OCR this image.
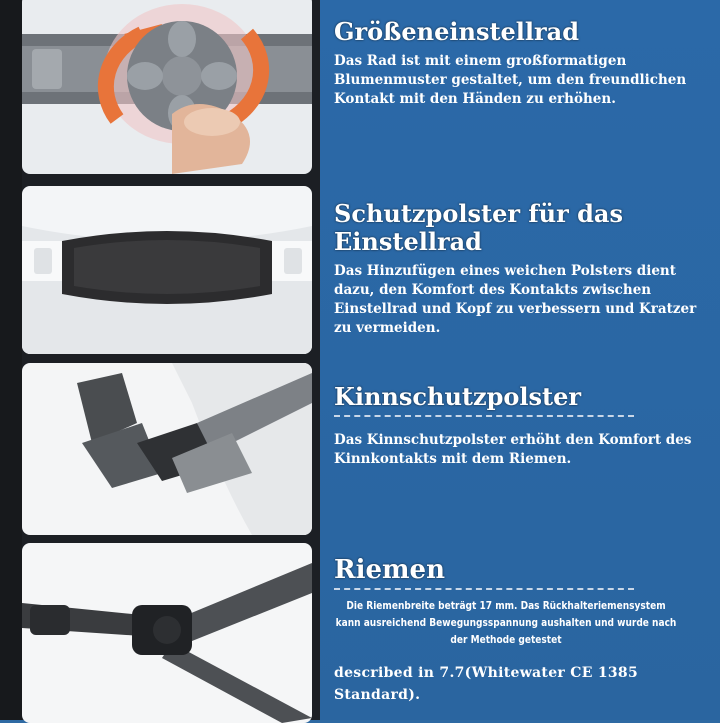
Größeneinstellrad
Das Rad ist mit einem großformatigen Blumenmuster gestaltet, um den freundlichen Kontakt mit den Händen zu erhöhen.
Schutzpolster für das Einstellrad
Das Hinzufügen eines weichen Polsters dient dazu, den Komfort des Kontakts zwischen Einstellrad und Kopf zu verbessern und Kratzer zu vermeiden.
Kinnschutzpolster
Das Kinnschutzpolster erhöht den Komfort des Kinnkontakts mit dem Riemen.
Riemen
Die Riemenbreite beträgt 17 mm. Das Rückhalteriemensystem kann ausreichend Bewegungsspannung aushalten und wurde nach der Methode getestet
described in 7.7(Whitewater CE 1385 Standard).
